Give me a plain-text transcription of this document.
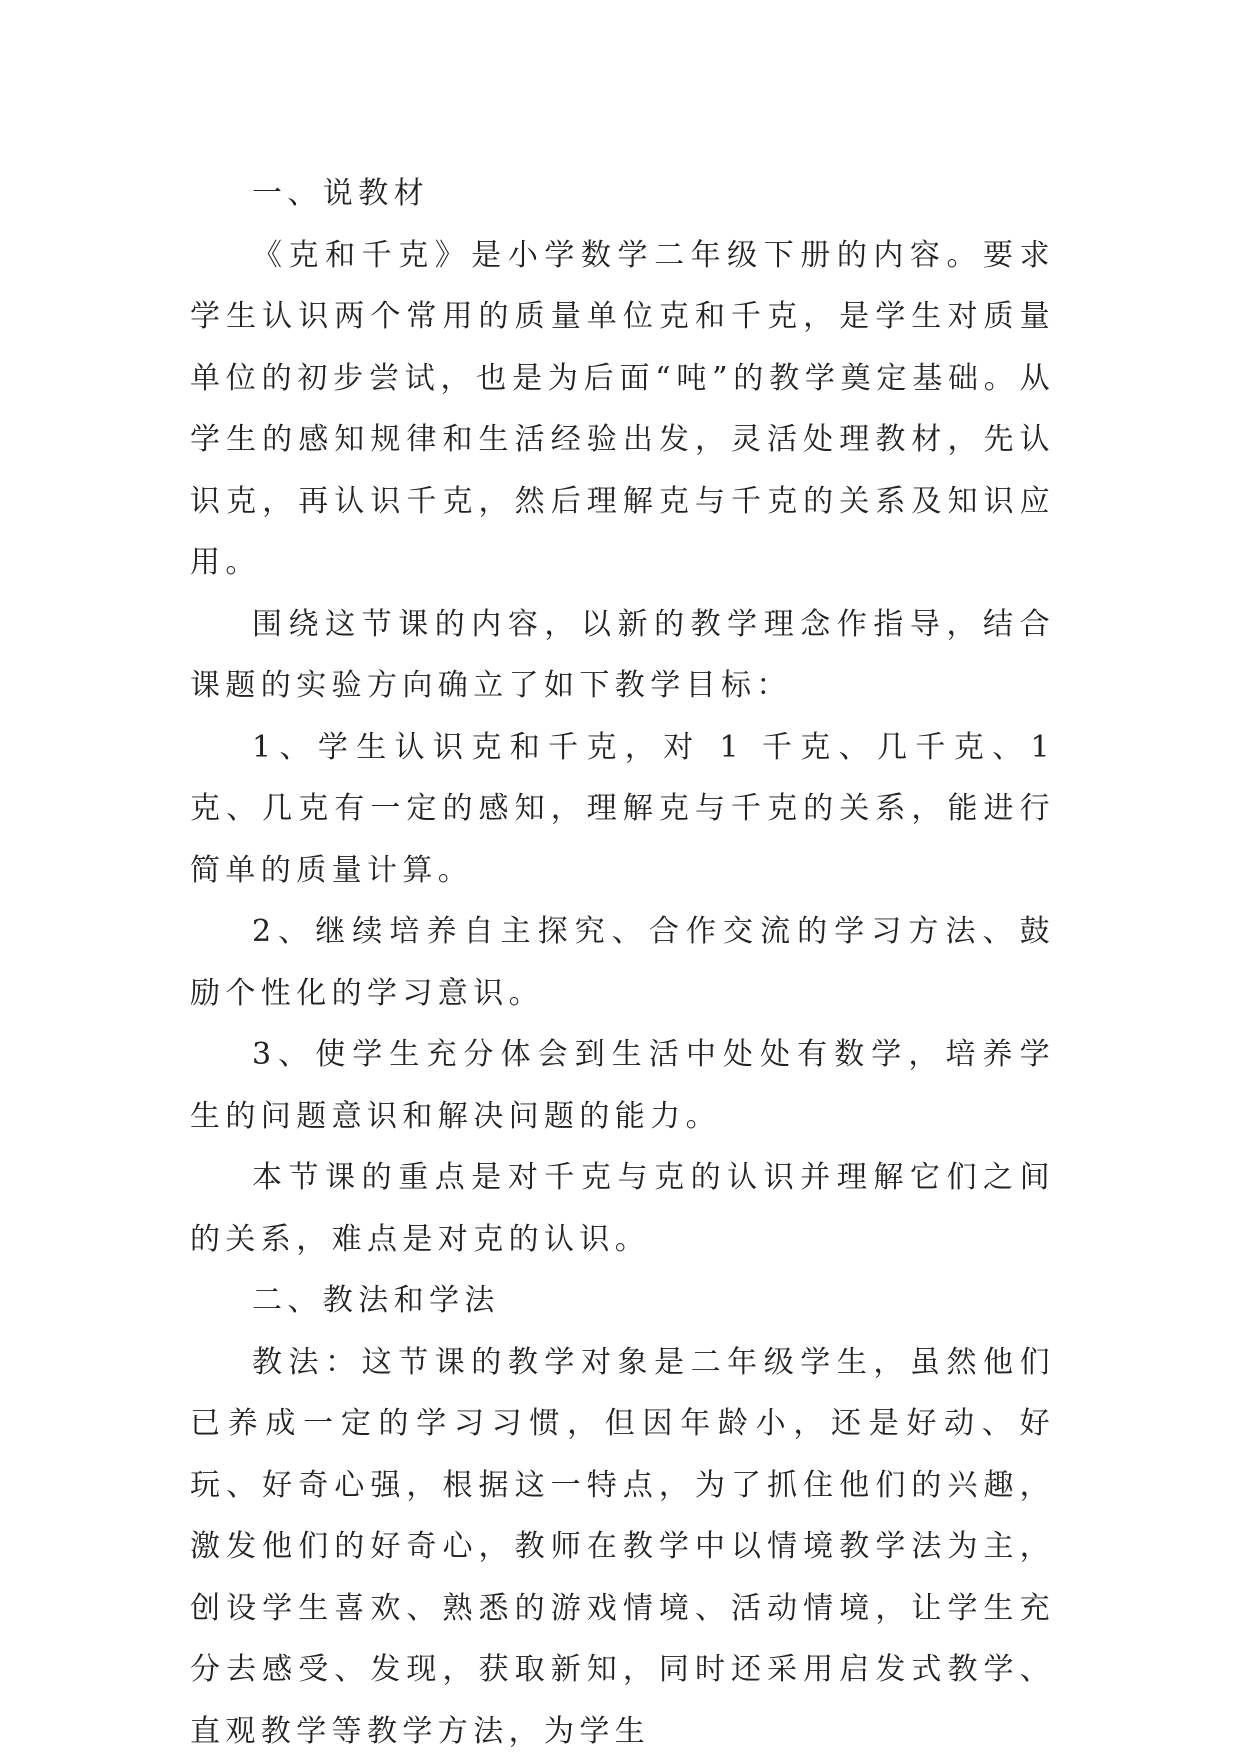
一、说教材

《克和千克》是小学数学二年级下册的内容。要求学生认识两个常用的质量单位克和千克，是学生对质量单位的初步尝试，也是为后面“吨”的教学奠定基础。从学生的感知规律和生活经验出发，灵活处理教材，先认识克，再认识千克，然后理解克与千克的关系及知识应用。

围绕这节课的内容，以新的教学理念作指导，结合课题的实验方向确立了如下教学目标：

1、学生认识克和千克，对 1 千克、几千克、1 克、几克有一定的感知，理解克与千克的关系，能进行简单的质量计算。

2、继续培养自主探究、合作交流的学习方法、鼓励个性化的学习意识。

3、使学生充分体会到生活中处处有数学，培养学生的问题意识和解决问题的能力。

本节课的重点是对千克与克的认识并理解它们之间的关系，难点是对克的认识。

二、教法和学法

教法：这节课的教学对象是二年级学生，虽然他们已养成一定的学习习惯，但因年龄小，还是好动、好玩、好奇心强，根据这一特点，为了抓住他们的兴趣，激发他们的好奇心，教师在教学中以情境教学法为主，创设学生喜欢、熟悉的游戏情境、活动情境，让学生充分去感受、发现，获取新知，同时还采用启发式教学、直观教学等教学方法，为学生
